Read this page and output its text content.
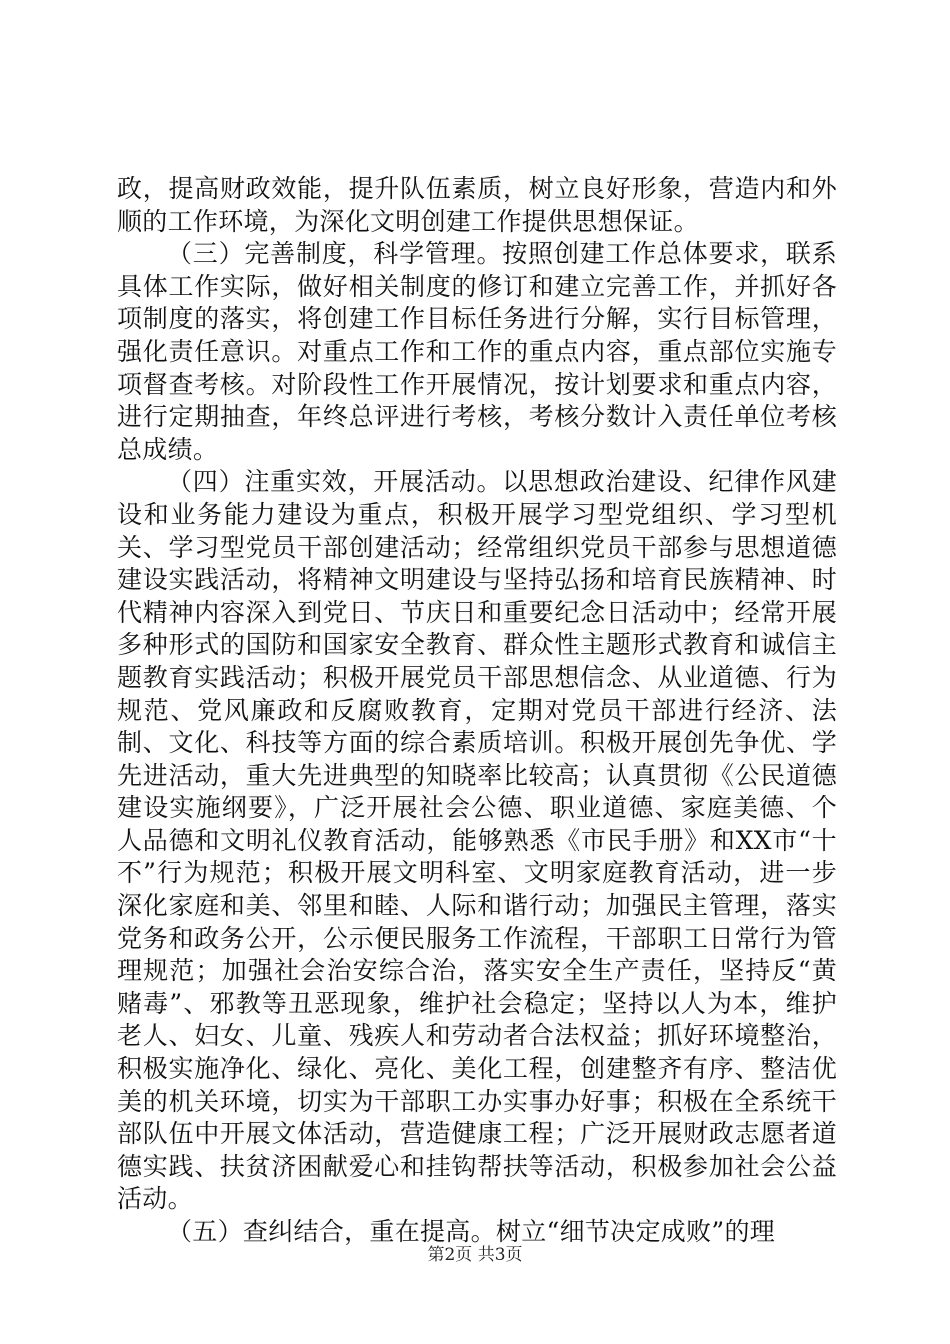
政，提高财政效能，提升队伍素质，树立良好形象，营造内和外顺的工作环境，为深化文明创建工作提供思想保证。

（三）完善制度，科学管理。按照创建工作总体要求，联系具体工作实际，做好相关制度的修订和建立完善工作，并抓好各项制度的落实，将创建工作目标任务进行分解，实行目标管理，强化责任意识。对重点工作和工作的重点内容，重点部位实施专项督查考核。对阶段性工作开展情况，按计划要求和重点内容，进行定期抽查，年终总评进行考核，考核分数计入责任单位考核总成绩。

（四）注重实效，开展活动。以思想政治建设、纪律作风建设和业务能力建设为重点，积极开展学习型党组织、学习型机关、学习型党员干部创建活动；经常组织党员干部参与思想道德建设实践活动，将精神文明建设与坚持弘扬和培育民族精神、时代精神内容深入到党日、节庆日和重要纪念日活动中；经常开展多种形式的国防和国家安全教育、群众性主题形式教育和诚信主题教育实践活动；积极开展党员干部思想信念、从业道德、行为规范、党风廉政和反腐败教育，定期对党员干部进行经济、法制、文化、科技等方面的综合素质培训。积极开展创先争优、学先进活动，重大先进典型的知晓率比较高；认真贯彻《公民道德建设实施纲要》，广泛开展社会公德、职业道德、家庭美德、个人品德和文明礼仪教育活动，能够熟悉《市民手册》和XX市“十不”行为规范；积极开展文明科室、文明家庭教育活动，进一步深化家庭和美、邻里和睦、人际和谐行动；加强民主管理，落实党务和政务公开，公示便民服务工作流程，干部职工日常行为管理规范；加强社会治安综合治，落实安全生产责任，坚持反“黄赌毒”、邪教等丑恶现象，维护社会稳定；坚持以人为本，维护老人、妇女、儿童、残疾人和劳动者合法权益；抓好环境整治，积极实施净化、绿化、亮化、美化工程，创建整齐有序、整洁优美的机关环境，切实为干部职工办实事办好事；积极在全系统干部队伍中开展文体活动，营造健康工程；广泛开展财政志愿者道德实践、扶贫济困献爱心和挂钩帮扶等活动，积极参加社会公益活动。

（五）查纠结合，重在提高。树立“细节决定成败”的理

第2页 共3页
